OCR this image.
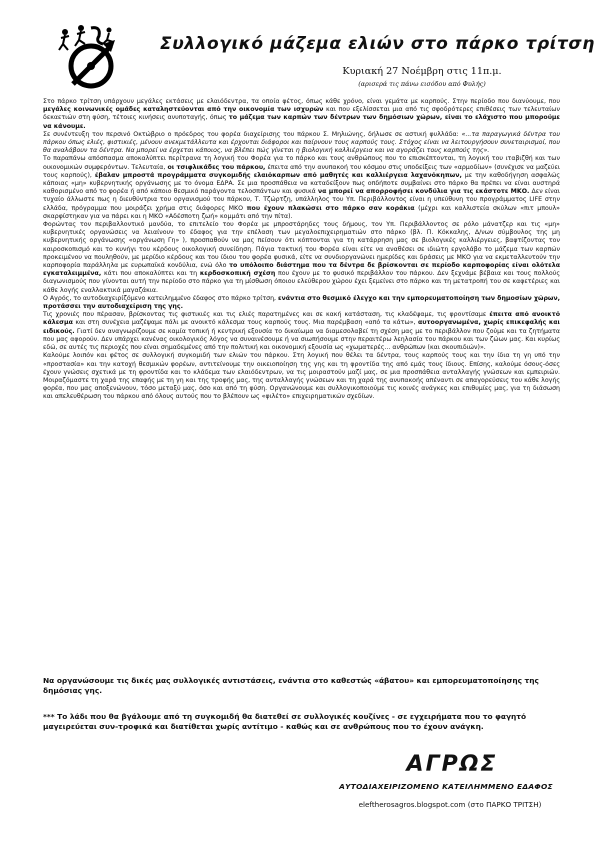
Συλλογικό μάζεμα ελιών στο πάρκο τρίτση
Κυριακή 27 Νοέμβρη στις 11π.μ.
(αρισερά τις πάνω εισόδου από Φυλής)

Στο πάρκο τρίτση υπάρχουν μεγάλες εκτάσεις με ελαιόδεντρα, τα οποία φέτος, όπως κάθε χρόνο, είναι γεμάτα με καρπούς. Στην περίοδο που διανύουμε, που μεγάλες κοινωνικές ομάδες καταληστεύονται από την οικονομία των ισχυρών και που εξελίσσεται μια από τις σφοδρότερες επιθέσεις των τελευταίων δεκαετιών στη φύση, τέτοιες κινήσεις ανυποταγής, όπως το μάζεμα των καρπών των δέντρων των δημόσιων χώρων, είναι το ελάχιστο που μπορούμε να κάνουμε.

Σε συνέντευξη τον περσινό Οκτώβριο ο πρόεδρος του φορέα διαχείρισης του πάρκου Σ. Μηλιώνης, δήλωσε σε αστική φυλλάδα: «...τα παραγωγικά δέντρα του πάρκου όπως ελιές, φιστικιές, μένουν ανεκμετάλλευτα και έρχονται διάφοροι και παίρνουν τους καρπούς τους. Στόχος είναι να λειτουργήσουν συνεταιρισμοί, που θα αναλάβουν τα δέντρα. Να μπορεί να έρχεται κάποιος, να βλέπει πώς γίνεται η βιολογική καλλιέργεια και να αγοράζει τους καρπούς της».

Το παραπάνω απόσπασμα αποκαλύπτει περίτρανα τη λογική του Φορέα για το πάρκο και τους ανθρώπους που το επισκέπτονται, τη λογική του ιταβιζθή και των οικονομικών συμφερόντων. Τελευταία, οι τσιφλικάδες του πάρκου, έπειτα από την ανυπακοή του κόσμου στις υποδείξεις των «αρμοδίων» (συνέχισε να μαζεύει τους καρπούς), έβαλαν μπροστά προγράμματα συγκομιδής ελαιόκαρπων από μαθητές και καλλιέργεια λαχανόκηπων, με την καθοδήγηση ασφαλώς κάποιας «μη» κυβερνητικής οργάνωσης με το όνομα ΕΔΡΑ. Σε μια προσπάθεια να καταδείξουν πως οπδήποτε συμβαίνει στο πάρκο θα πρέπει να είναι αυστηρά καθορισμένο από το φορέα ή από κάποιο θεσμικό παράγοντα τελοσπάντων και φυσικά να μπορεί να απορροφήσει κονδύλια για τις εκάστοτε ΜΚΟ. Δεν είναι τυχαίο άλλωστε πως η διευθύντρια του οργανισμού του πάρκου, Τ. Τζώρτζη, υπάλληλος του Υπ. Περιβάλλοντος είναι η υπεύθυνη του προγράμματος LIFE στην ελλάδα, πρόγραμμα που μοιράζει χρήμα στις διάφορες ΜΚΟ που έχουν πλακώσει στο πάρκο σαν κοράκια (μέχρι και καλλιστεία σκύλων «πιτ μπουλ» σκαρφίστηκαν για να πάρει και η ΜΚΟ «Αδέσποτη ζωή» κομμάτι από την πίτα).

Φορώντας τον περιβαλλοντικό μανδύα, το επιτελείο του Φορέα με μπροστάρηδες τους δήμους, τον Υπ. Περιβάλλοντος σε ρόλο μάνατζερ και τις «μη» κυβερνητικές οργανώσεις να λειαίνουν το έδαφος για την επέλαση των μεγαλοεπιχειρηματιών στο πάρκο (βλ. Π. Κόκκαλης, Δ/νων σύμβουλος της μη κυβερνητικής οργάνωσης «οργάνωση Γη» ), προσπαθούν να μας πείσουν ότι κόπτονται για τη κατάρρηση μας σε βιολογικές καλλιέργειες, βαφτίζοντας τον καιροσκοπισμό και το κυνήγι του κέρδους οικολογική συνείδηση. Πάγια τακτική του Φορέα είναι είτε να αναθέσει σε ιδιώτη εργολάβο το μάζεμα των καρπών προκειμένου να πουληθούν, με μερίδιο κέρδους και του ίδιου του φορέα φυσικά, είτε να συνδιοργανώνει ημερίδες και δράσεις με ΜΚΟ για να εκμεταλλευτούν την καρποφορία παράλληλα με ευρωπαϊκά κονδύλια, ενώ όλο το υπόλοιπο διάστημα που τα δέντρα δε βρίσκονται σε περίοδο καρποφορίας είναι ολότελα εγκαταλειμμένα, κάτι που αποκαλύπτει και τη κερδοσκοπική σχέση που έχουν με το φυσικό περιβάλλον του πάρκου. Δεν ξεχνάμε βέβαια και τους πολλούς διαγωνισμούς που γίνονται αυτή την περίοδο στο πάρκο για τη μίσθωση όποιου ελεύθερου χώρου έχει ξεμείνει στο πάρκο και τη μετατροπή του σε καφετέριες και κάθε λογής εναλλακτικά μαγαζάκια.

Ο Αγρός, το αυτοδιαχειρίζόμενο κατειλημμένο έδαφος στο πάρκο τρίτση, ενάντια στο θεσμικό έλεγχο και την εμπορευματοποίηση των δημοσίων χώρων, προτάσσει την αυτοδιαχείριση της γης.

Τις χρονιές που πέρασαν, βρίσκοντας τις φιστικιές και τις ελιές παρατημένες και σε κακή κατάσταση, τις κλαδέψαμε, τις φροντίσαμε έπειτα από ανοικτό κάλεσμα και στη συνέχεια μαζέψαμε πάλι με ανοικτό κάλεσμα τους καρπούς τους. Μια παρέμβαση «από τα κάτω», αυτοοργανωμένα, χωρίς επικεφαλής και ειδικούς. Γιατί δεν αναγνωρίζουμε σε καμία τοπική ή κεντρική εξουσία το δικαίωμα να διαμεσολαβεί τη σχέση μας με το περιβάλλον που ζούμε και τα ζητήματα που μας αφορούν. Δεν υπάρχει κανένας οικολογικός λόγος να συναινέσουμε ή να σιωπήσουμε στην περαιτέρω λεηλασία του πάρκου και των ζώων μας. Και κυρίως εδώ, σε αυτές τις περιοχές που είναι σημαδεμένες από την πολιτική και οικονομική εξουσία ως «χωματερές... ανθρώπων (και σκουπιδιών)».

Καλούμε λοιπόν και φέτος σε συλλογική συγκομιδή των ελιών του πάρκου. Στη λογική που θέλει τα δέντρα, τους καρπούς τους και την ίδια τη γη υπό την «προστασία» και την κατοχή θεσμικών φορέων, αντιτείνουμε την οικειοποίηση της γης και τη φροντίδα της από εμάς τους ίδιους. Επίσης, καλούμε όσους-όσες έχουν γνώσεις σχετικά με τη φροντίδα και το κλάδεμα των ελαιόδεντρων, να τις μοιραστούν μαζί μας, σε μια προσπάθεια ανταλλαγής γνώσεων και εμπειριών. Μοιραζόμαστε τη χαρά της επαφής με τη γη και της τροφής μας, της ανταλλαγής γνώσεων και τη χαρά της ανυπακοής απέναντι σε απαγορεύσεις του κάθε λογής φορέα, που μας αποξενώνουν, τόσο μεταξύ μας, όσο και από τη φύση. Οργανώνουμε και συλλογικοποιούμε τις κοινές ανάγκες και επιθυμίες μας, για τη διάσωση και απελευθέρωση του πάρκου από όλους αυτούς που το βλέπουν ως «φιλέτο» επιχειρηματικών σχεδίων.

Να οργανώσουμε τις δικές μας συλλογικές αντιστάσεις, ενάντια στο καθεστώς «άβατου» και εμπορευματοποίησης της δημόσιας γης.
*** Το λάδι που θα βγάλουμε από τη συγκομιδή θα διατεθεί σε συλλογικές κουζίνες - σε εγχειρήματα που το φαγητό μαγειρεύεται συν-τροφικά και διατίθεται χωρίς αντίτιμο - καθώς και σε ανθρώπους που το έχουν ανάγκη.
ΑΓΡΩΣ
ΑΥΤΟΔΙΑΧΕΙΡΙΖΟΜΕΝΟ ΚΑΤΕΙΛΗΜΜΕΝΟ ΕΔΑΦΟΣ
eleftherosagros.blogspot.com (στο ΠΑΡΚΟ ΤΡΙΤΣΗ)
